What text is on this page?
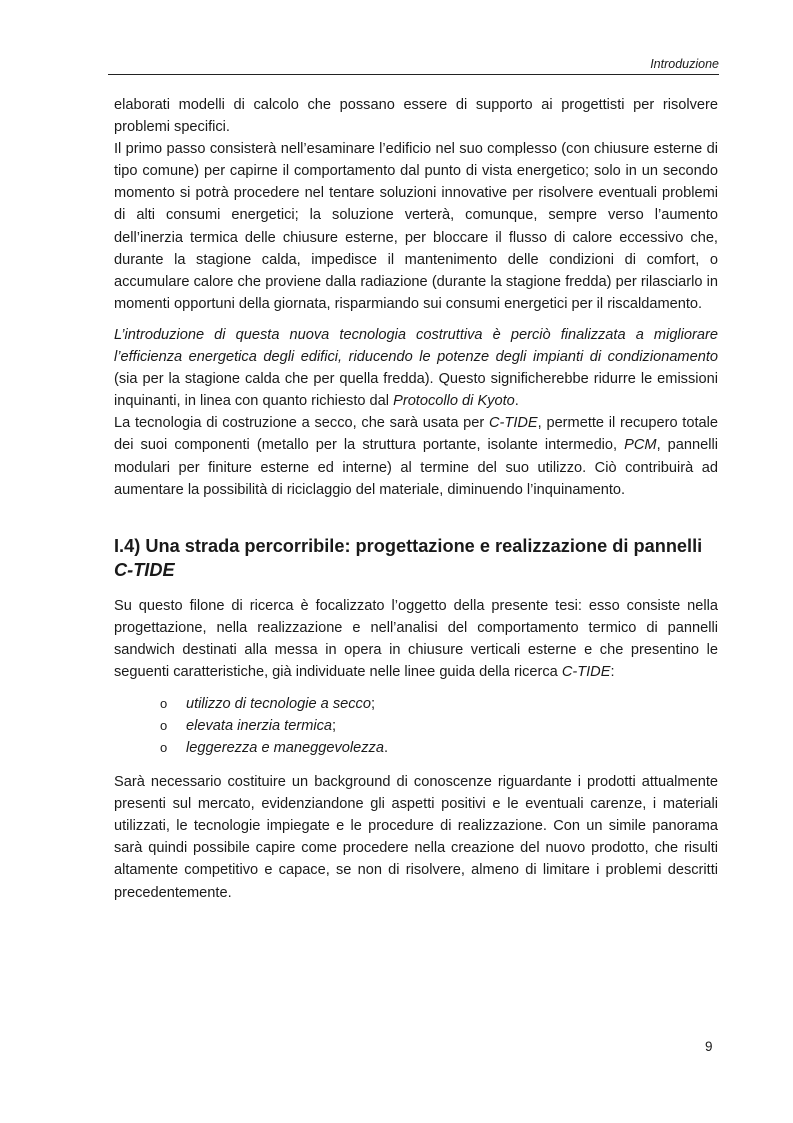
Introduzione

elaborati modelli di calcolo che possano essere di supporto ai progettisti per risolvere problemi specifici.

Il primo passo consisterà nell’esaminare l’edificio nel suo complesso (con chiusure esterne di tipo comune) per capirne il comportamento dal punto di vista energetico; solo in un secondo momento si potrà procedere nel tentare soluzioni innovative per risolvere eventuali problemi di alti consumi energetici; la soluzione verterà, comunque, sempre verso l’aumento dell’inerzia termica delle chiusure esterne, per bloccare il flusso di calore eccessivo che, durante la stagione calda, impedisce il mantenimento delle condizioni di comfort, o accumulare calore che proviene dalla radiazione (durante la stagione fredda) per rilasciarlo in momenti opportuni della giornata, risparmiando sui consumi energetici per il riscaldamento.

L’introduzione di questa nuova tecnologia costruttiva è perciò finalizzata a migliorare l’efficienza energetica degli edifici, riducendo le potenze degli impianti di condizionamento (sia per la stagione calda che per quella fredda). Questo significherebbe ridurre le emissioni inquinanti, in linea con quanto richiesto dal Protocollo di Kyoto.

La tecnologia di costruzione a secco, che sarà usata per C-TIDE, permette il recupero totale dei suoi componenti (metallo per la struttura portante, isolante intermedio, PCM, pannelli modulari per finiture esterne ed interne) al termine del suo utilizzo. Ciò contribuirà ad aumentare la possibilità di riciclaggio del materiale, diminuendo l’inquinamento.

I.4) Una strada percorribile: progettazione e realizzazione di pannelli
C-TIDE

Su questo filone di ricerca è focalizzato l’oggetto della presente tesi: esso consiste nella progettazione, nella realizzazione e nell’analisi del comportamento termico di pannelli sandwich destinati alla messa in opera in chiusure verticali esterne e che presentino le seguenti caratteristiche, già individuate nelle linee guida della ricerca C-TIDE:

o utilizzo di tecnologie a secco;
o elevata inerzia termica;
o leggerezza e maneggevolezza.

Sarà necessario costituire un background di conoscenze riguardante i prodotti attualmente presenti sul mercato, evidenziandone gli aspetti positivi e le eventuali carenze, i materiali utilizzati, le tecnologie impiegate e le procedure di realizzazione. Con un simile panorama sarà quindi possibile capire come procedere nella creazione del nuovo prodotto, che risulti altamente competitivo e capace, se non di risolvere, almeno di limitare i problemi descritti precedentemente.

9
